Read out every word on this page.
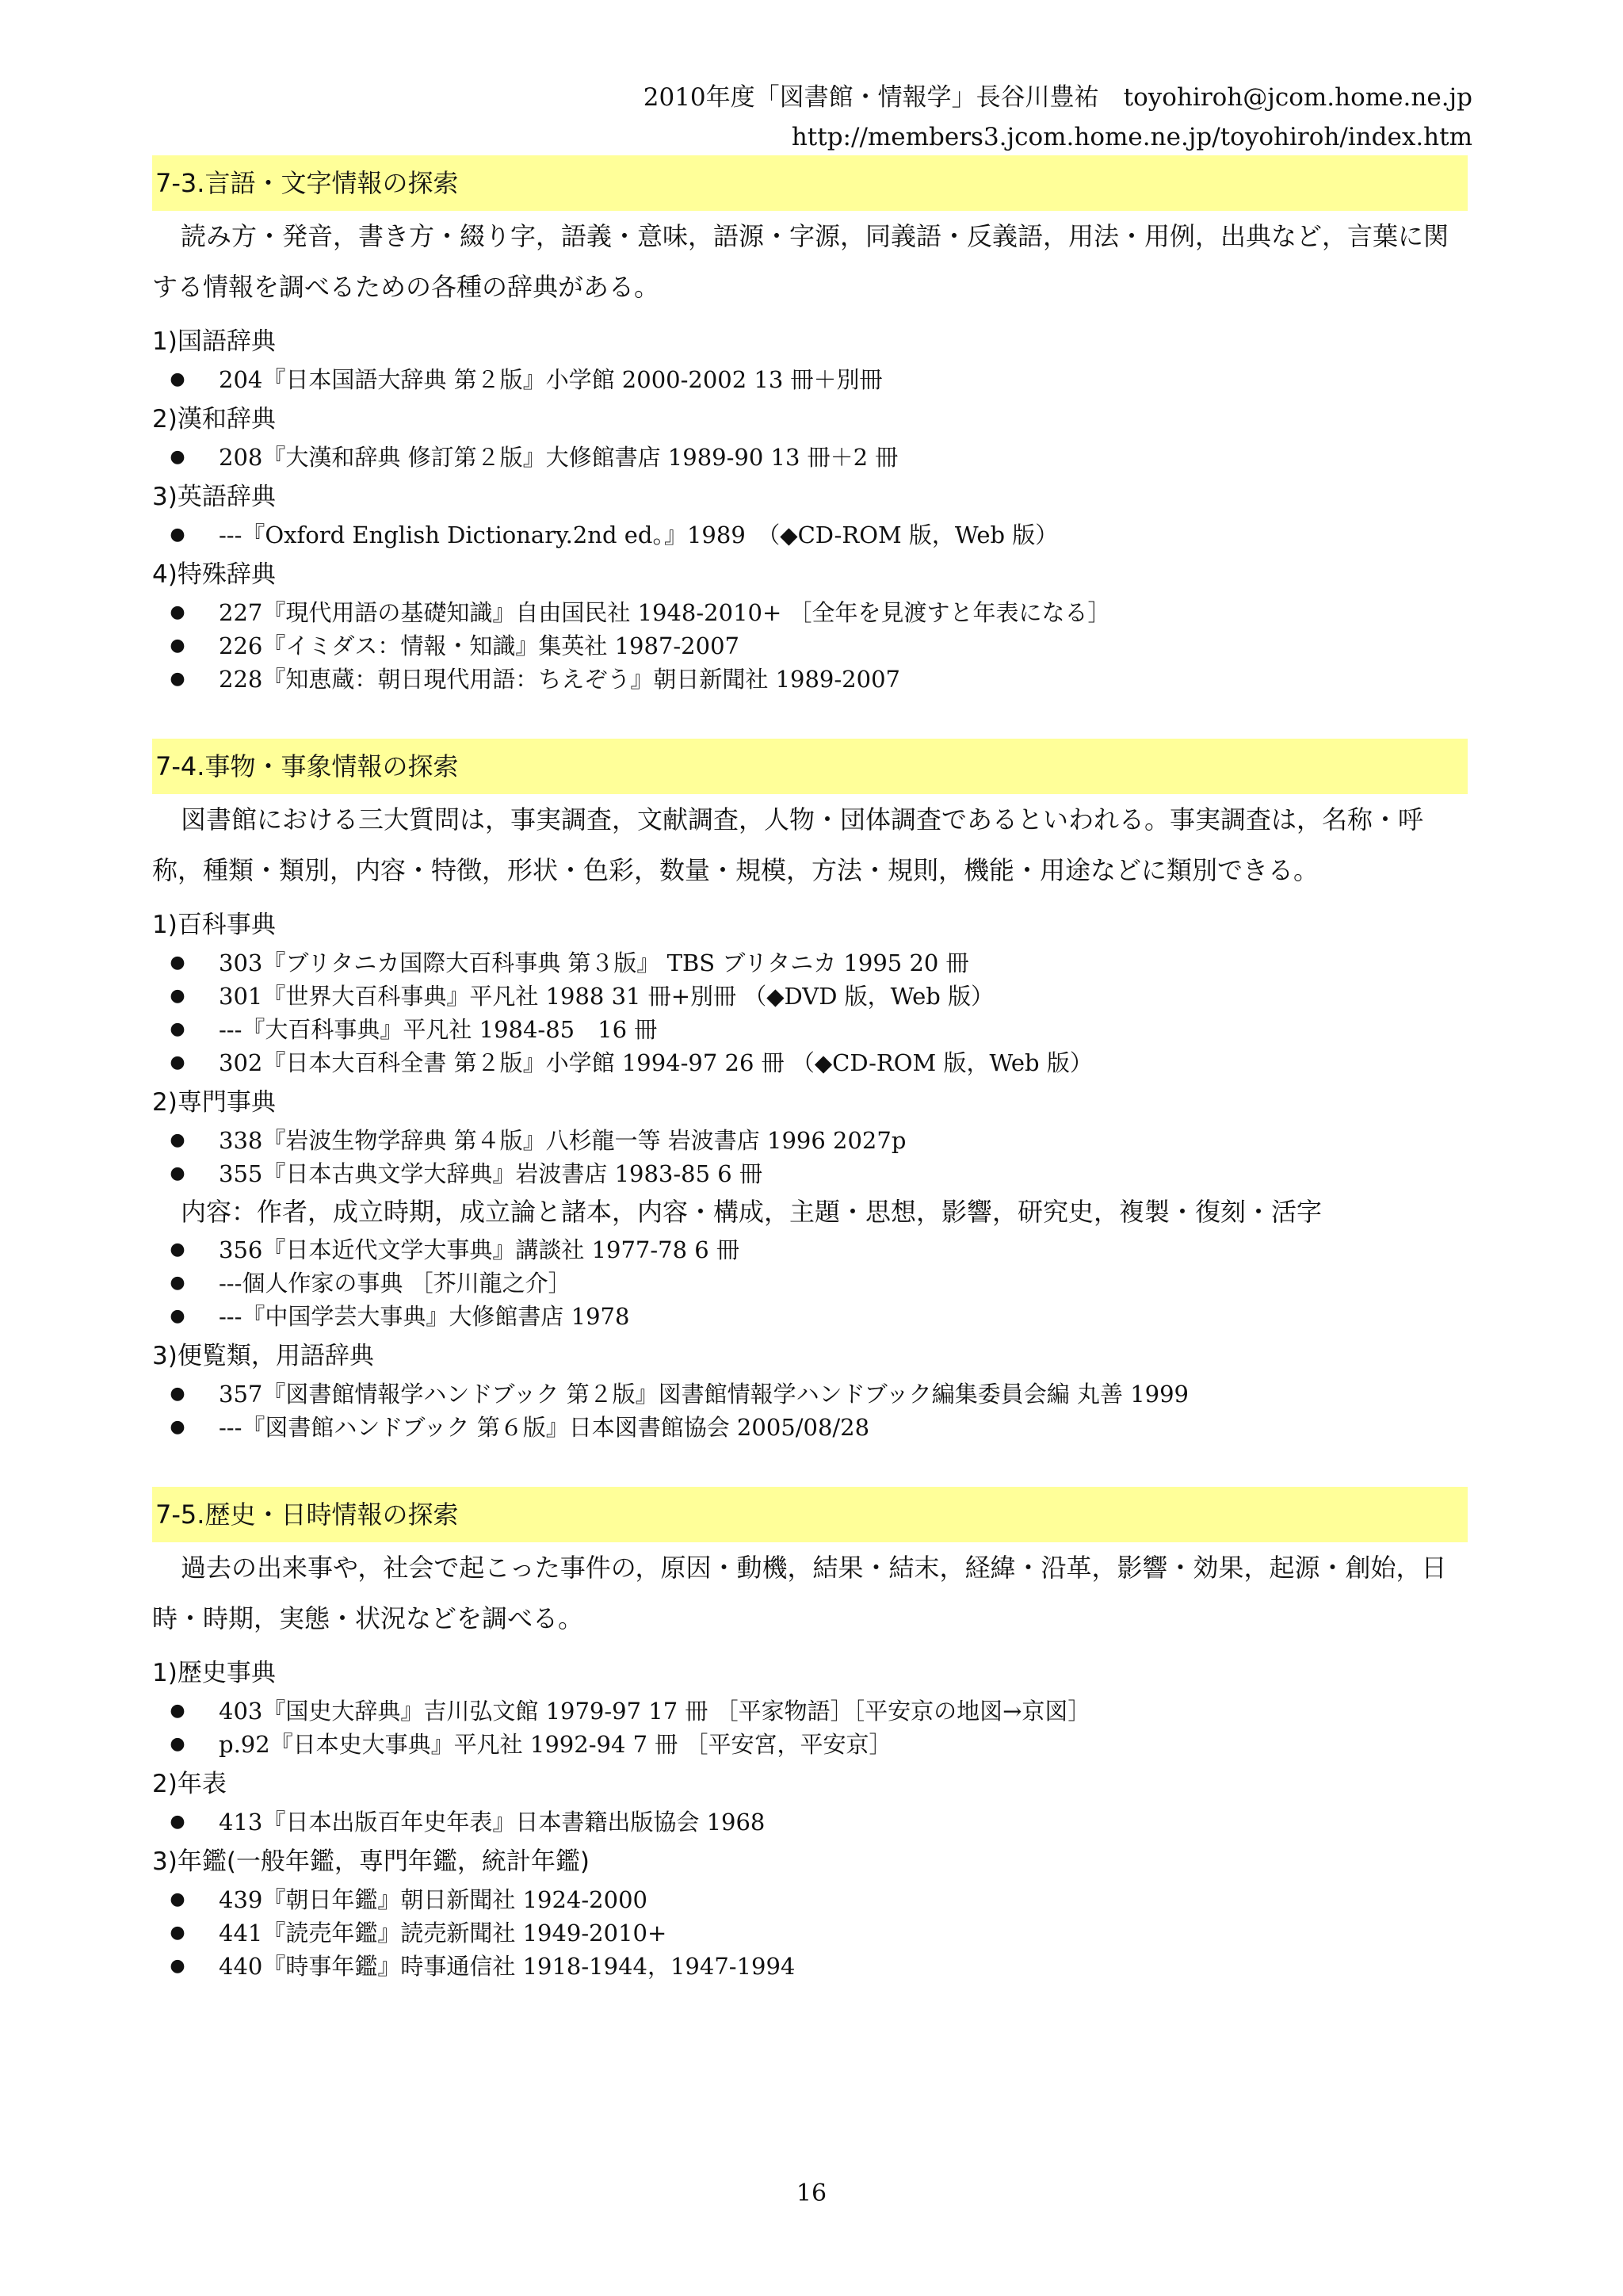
2010年度「図書館・情報学」長谷川豊祐　toyohiroh@jcom.home.ne.jp
http://members3.jcom.home.ne.jp/toyohiroh/index.htm
7-3.言語・文字情報の探索

読み方・発音，書き方・綴り字，語義・意味，語源・字源，同義語・反義語，用法・用例，出典など，言葉に関する情報を調べるための各種の辞典がある。

1)国語辞典
● 204『日本国語大辞典 第２版』小学館 2000-2002 13 冊＋別冊
2)漢和辞典
● 208『大漢和辞典 修訂第２版』大修館書店 1989-90 13 冊＋2 冊
3)英語辞典
● ---『Oxford English Dictionary.2nd ed。』1989　（◆CD-ROM 版，Web 版）
4)特殊辞典
● 227『現代用語の基礎知識』自由国民社 1948-2010+ ［全年を見渡すと年表になる］
● 226『イミダス：情報・知識』集英社 1987-2007
● 228『知恵蔵：朝日現代用語：ちえぞう』朝日新聞社 1989-2007
7-4.事物・事象情報の探索

図書館における三大質問は，事実調査，文献調査，人物・団体調査であるといわれる。事実調査は，名称・呼称，種類・類別，内容・特徴，形状・色彩，数量・規模，方法・規則，機能・用途などに類別できる。

1)百科事典
● 303『ブリタニカ国際大百科事典 第３版』 TBS ブリタニカ 1995 20 冊
● 301『世界大百科事典』平凡社 1988 31 冊+別冊 （◆DVD 版，Web 版）
● ---『大百科事典』平凡社 1984-85　16 冊
● 302『日本大百科全書 第２版』小学館 1994-97 26 冊 （◆CD-ROM 版，Web 版）
2)専門事典
● 338『岩波生物学辞典 第４版』八杉龍一等 岩波書店 1996 2027p
● 355『日本古典文学大辞典』岩波書店 1983-85 6 冊
内容：作者，成立時期，成立論と諸本，内容・構成，主題・思想，影響，研究史，複製・復刻・活字
● 356『日本近代文学大事典』講談社 1977-78 6 冊
● ---個人作家の事典 ［芥川龍之介］
● ---『中国学芸大事典』大修館書店 1978
3)便覧類，用語辞典
● 357『図書館情報学ハンドブック 第２版』図書館情報学ハンドブック編集委員会編 丸善 1999
● ---『図書館ハンドブック 第６版』日本図書館協会 2005/08/28
7-5.歴史・日時情報の探索

過去の出来事や，社会で起こった事件の，原因・動機，結果・結末，経緯・沿革，影響・効果，起源・創始，日時・時期，実態・状況などを調べる。

1)歴史事典
● 403『国史大辞典』吉川弘文館 1979-97 17 冊 ［平家物語］［平安京の地図→京図］
● p.92『日本史大事典』平凡社 1992-94 7 冊 ［平安宮，平安京］
2)年表
● 413『日本出版百年史年表』日本書籍出版協会 1968
3)年鑑(一般年鑑，専門年鑑，統計年鑑)
● 439『朝日年鑑』朝日新聞社 1924-2000
● 441『読売年鑑』読売新聞社 1949-2010+
● 440『時事年鑑』時事通信社 1918-1944，1947-1994
16
